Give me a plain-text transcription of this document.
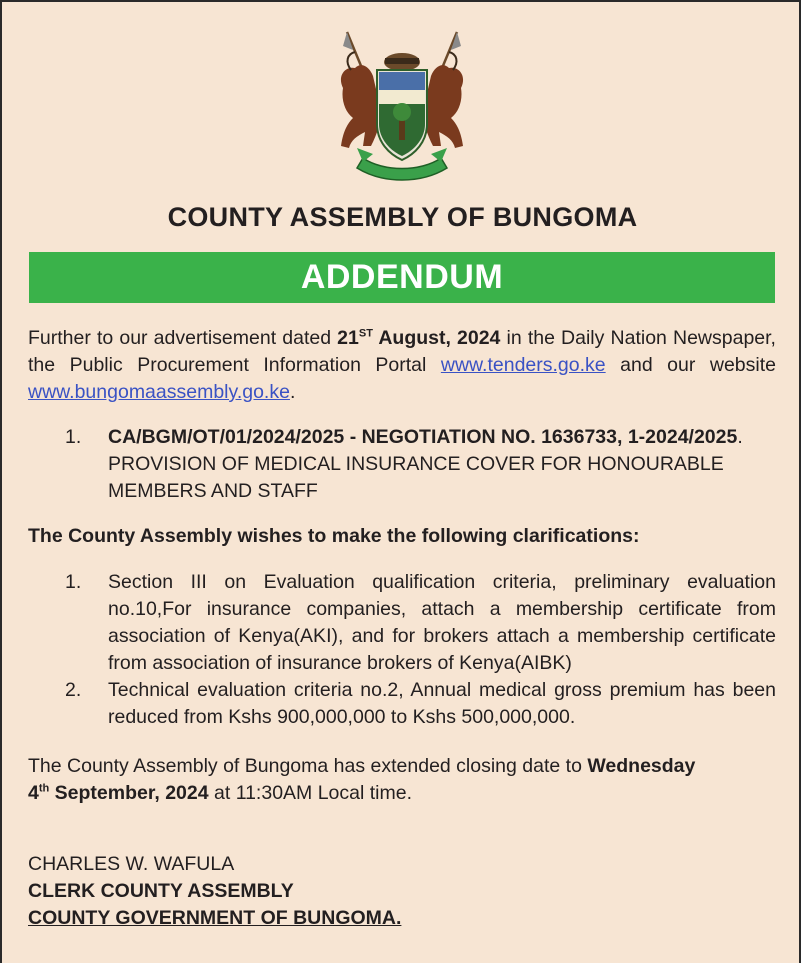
COUNTY ASSEMBLY OF BUNGOMA
ADDENDUM
Further to our advertisement dated 21ST August, 2024 in the Daily Nation Newspaper, the Public Procurement Information Portal www.tenders.go.ke and our website www.bungomaassembly.go.ke.
1. CA/BGM/OT/01/2024/2025 - NEGOTIATION NO. 1636733, 1-2024/2025. PROVISION OF MEDICAL INSURANCE COVER FOR HONOURABLE MEMBERS AND STAFF
The County Assembly wishes to make the following clarifications:
1. Section III on Evaluation qualification criteria, preliminary evaluation no.10,For insurance companies, attach a membership certificate from association of Kenya(AKI), and for brokers attach a membership certificate from association of insurance brokers of Kenya(AIBK)
2. Technical evaluation criteria no.2, Annual medical gross premium has been reduced from Kshs 900,000,000 to Kshs 500,000,000.
The County Assembly of Bungoma has extended closing date to Wednesday
4th September, 2024 at 11:30AM Local time.
CHARLES W. WAFULA
CLERK COUNTY ASSEMBLY
COUNTY GOVERNMENT OF BUNGOMA.
